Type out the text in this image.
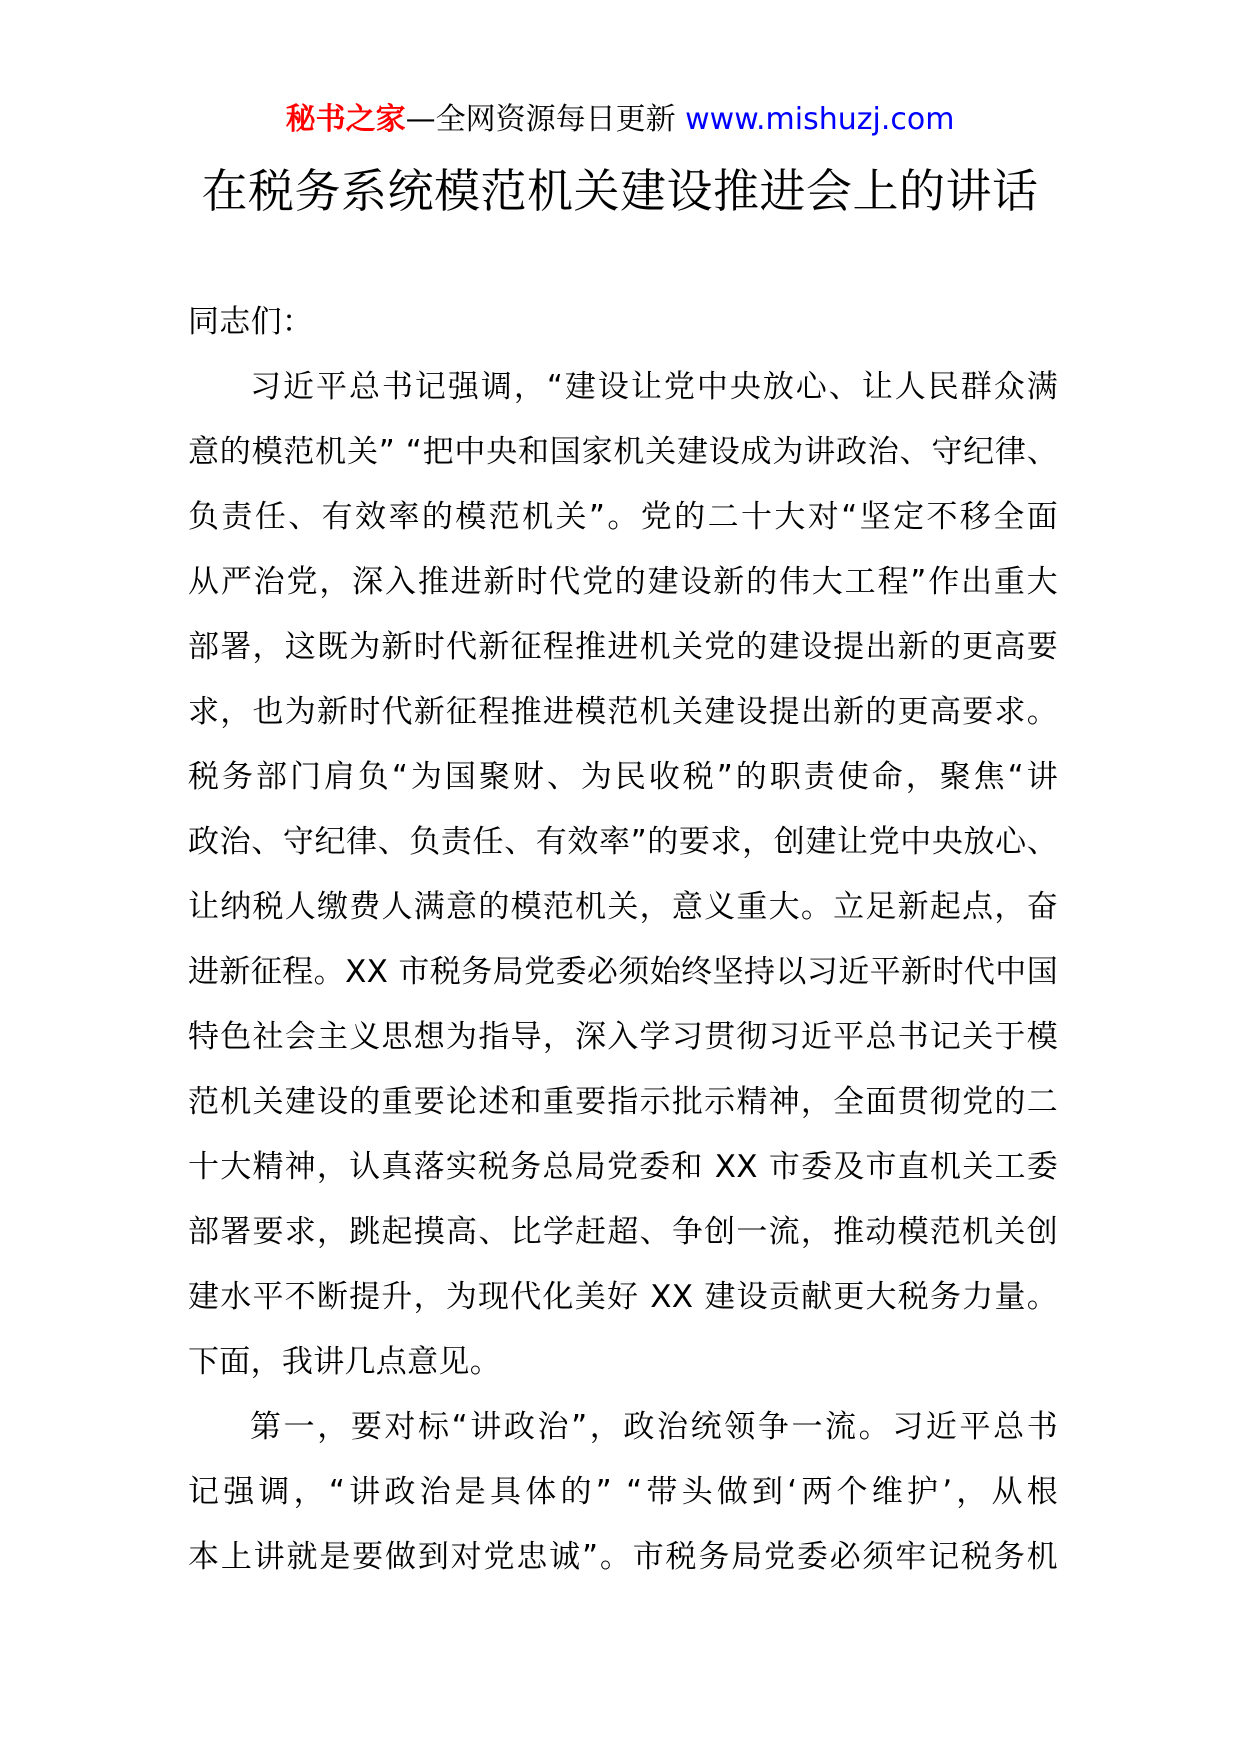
秘书之家—全网资源每日更新 www.mishuzj.com
在税务系统模范机关建设推进会上的讲话
同志们：
习近平总书记强调，“建设让党中央放心、让人民群众满
意的模范机关” “把中央和国家机关建设成为讲政治、守纪律、
负责任、有效率的模范机关”。党的二十大对“坚定不移全面
从严治党，深入推进新时代党的建设新的伟大工程”作出重大
部署，这既为新时代新征程推进机关党的建设提出新的更高要
求，也为新时代新征程推进模范机关建设提出新的更高要求。
税务部门肩负“为国聚财、为民收税”的职责使命，聚焦“讲
政治、守纪律、负责任、有效率”的要求，创建让党中央放心、
让纳税人缴费人满意的模范机关，意义重大。立足新起点，奋
进新征程。XX 市税务局党委必须始终坚持以习近平新时代中国
特色社会主义思想为指导，深入学习贯彻习近平总书记关于模
范机关建设的重要论述和重要指示批示精神，全面贯彻党的二
十大精神，认真落实税务总局党委和 XX 市委及市直机关工委
部署要求，跳起摸高、比学赶超、争创一流，推动模范机关创
建水平不断提升，为现代化美好 XX 建设贡献更大税务力量。
下面，我讲几点意见。
第一，要对标“讲政治”，政治统领争一流。习近平总书
记强调，“讲政治是具体的” “带头做到‘两个维护’，从根
本上讲就是要做到对党忠诚”。市税务局党委必须牢记税务机
